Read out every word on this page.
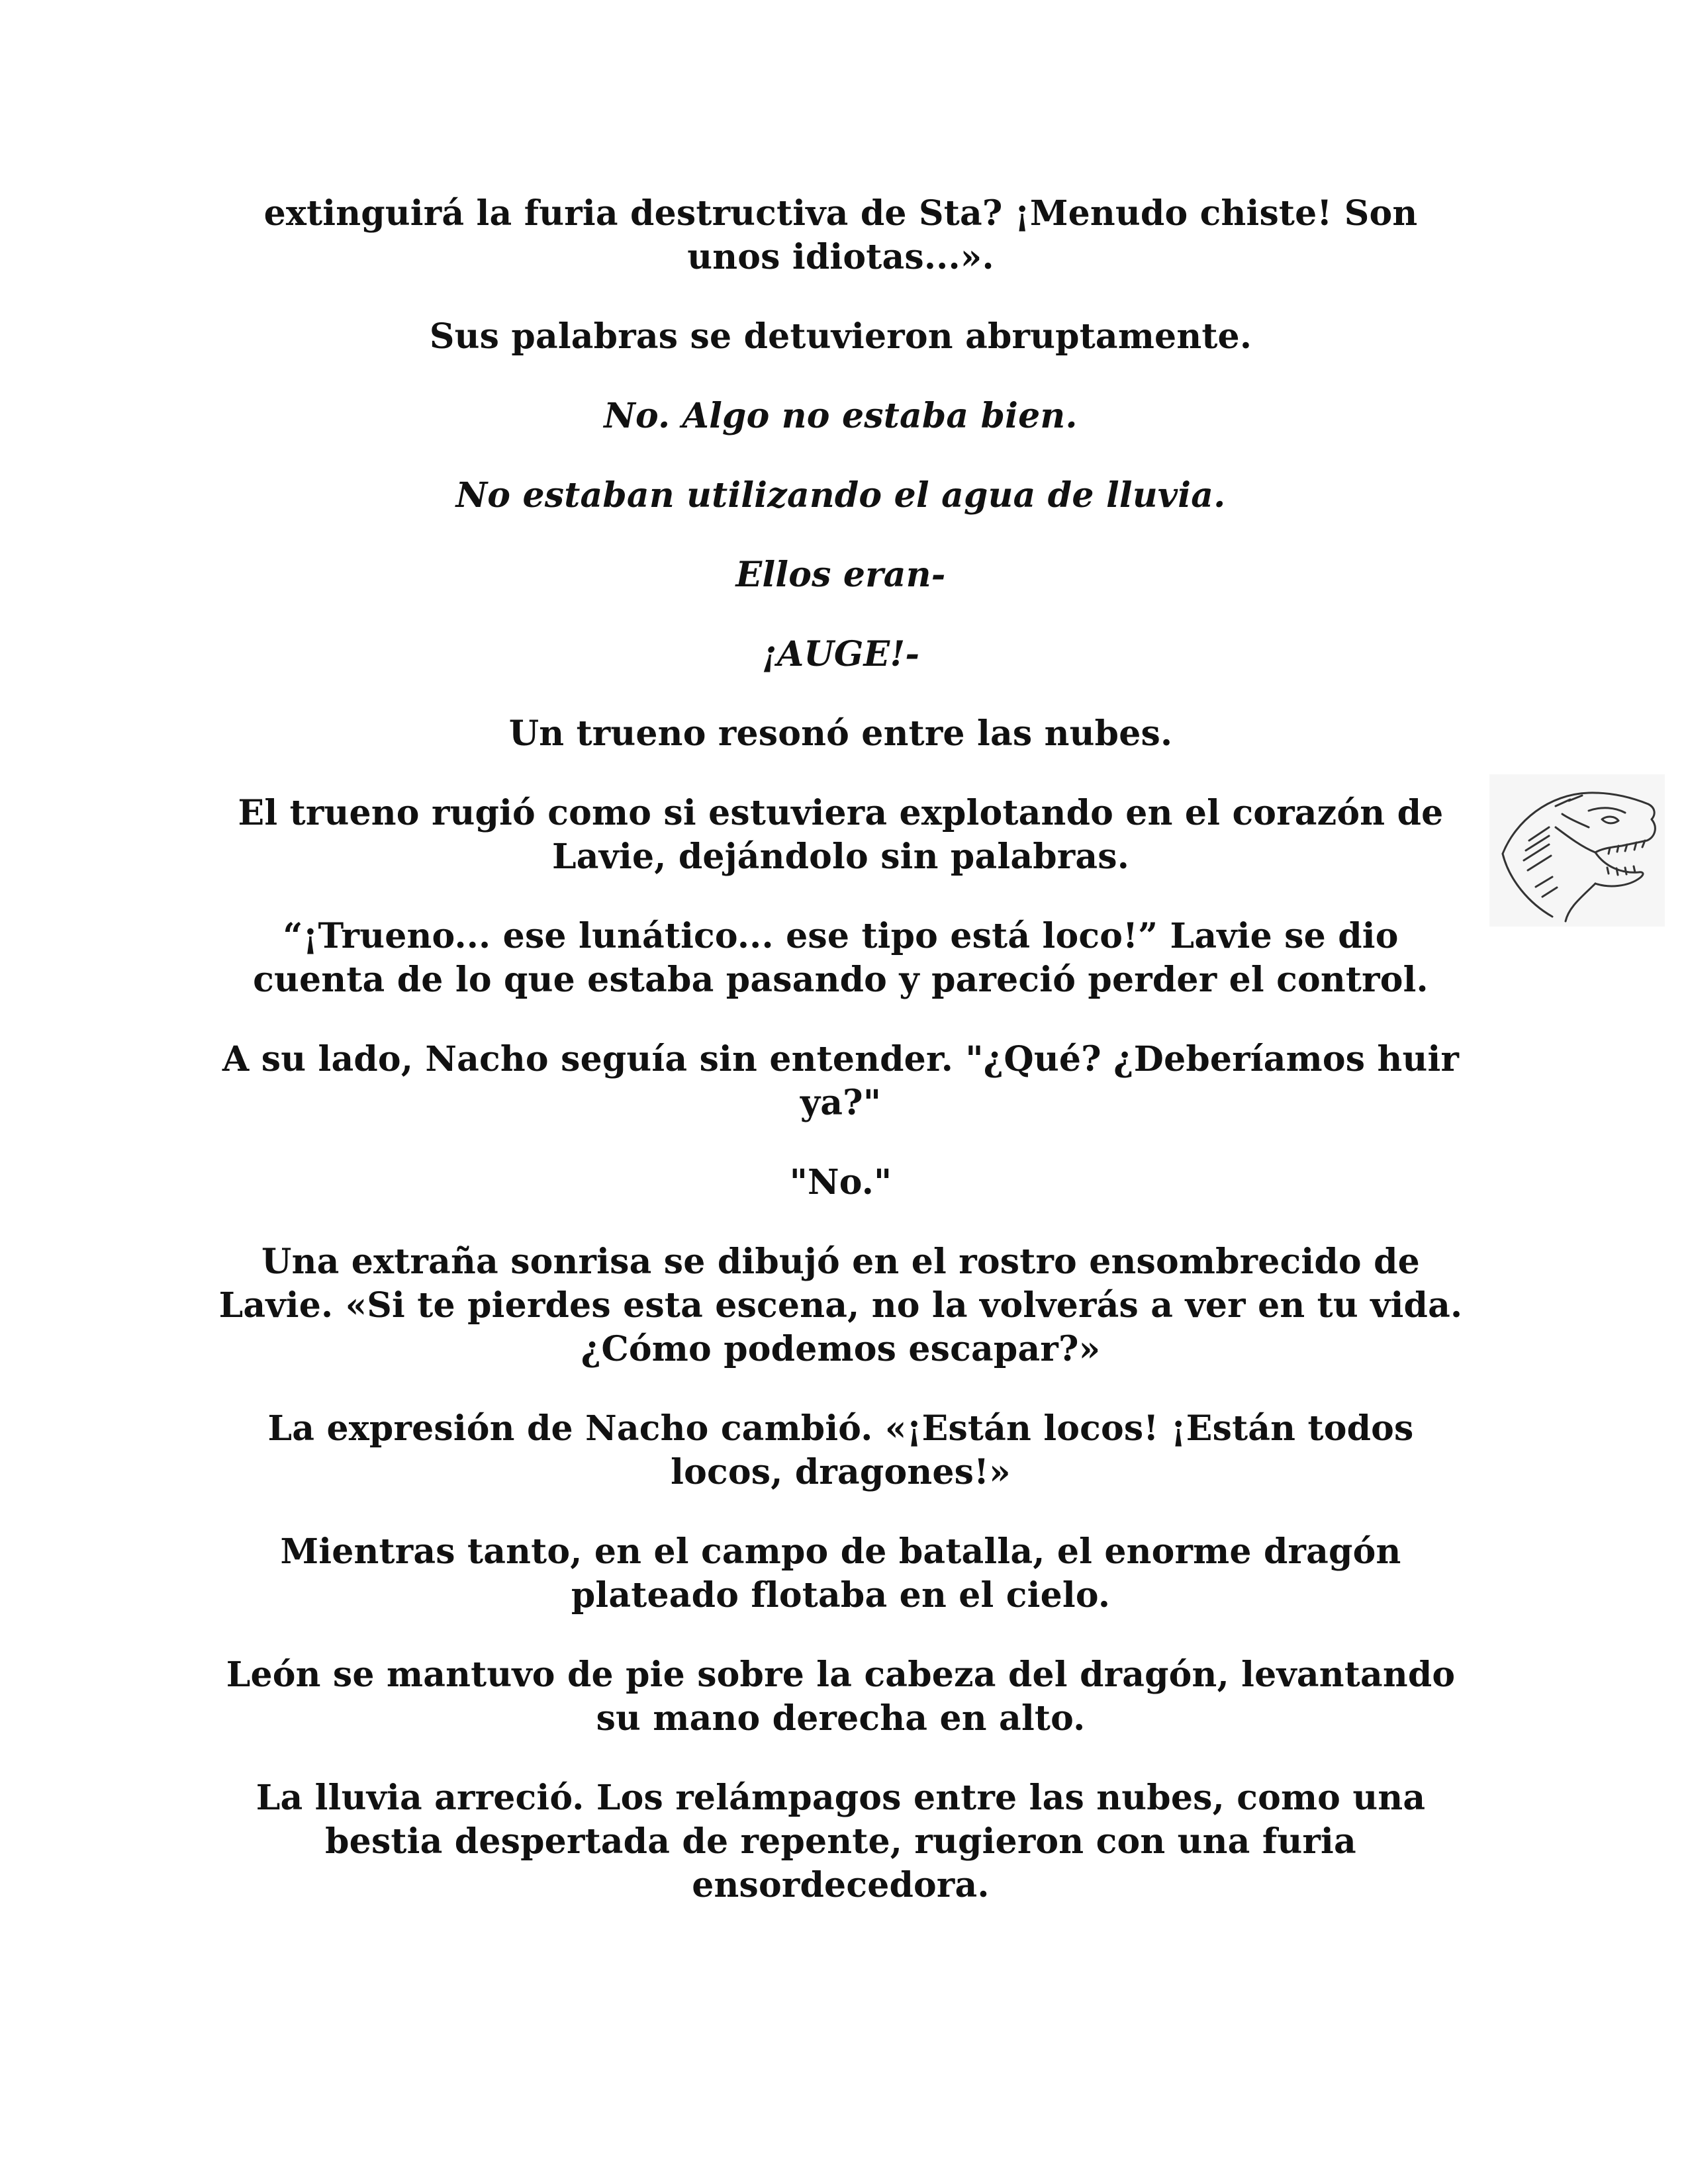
extinguirá la furia destructiva de Sta? ¡Menudo chiste! Son unos idiotas...».

Sus palabras se detuvieron abruptamente.

No. Algo no estaba bien.

No estaban utilizando el agua de lluvia.

Ellos eran-

¡AUGE!-

Un trueno resonó entre las nubes.

El trueno rugió como si estuviera explotando en el corazón de Lavie, dejándolo sin palabras.

“¡Trueno... ese lunático... ese tipo está loco!” Lavie se dio cuenta de lo que estaba pasando y pareció perder el control.

A su lado, Nacho seguía sin entender. "¿Qué? ¿Deberíamos huir ya?"

"No."

Una extraña sonrisa se dibujó en el rostro ensombrecido de Lavie. «Si te pierdes esta escena, no la volverás a ver en tu vida. ¿Cómo podemos escapar?»

La expresión de Nacho cambió. «¡Están locos! ¡Están todos locos, dragones!»

Mientras tanto, en el campo de batalla, el enorme dragón plateado flotaba en el cielo.

León se mantuvo de pie sobre la cabeza del dragón, levantando su mano derecha en alto.

La lluvia arreció. Los relámpagos entre las nubes, como una bestia despertada de repente, rugieron con una furia ensordecedora.
